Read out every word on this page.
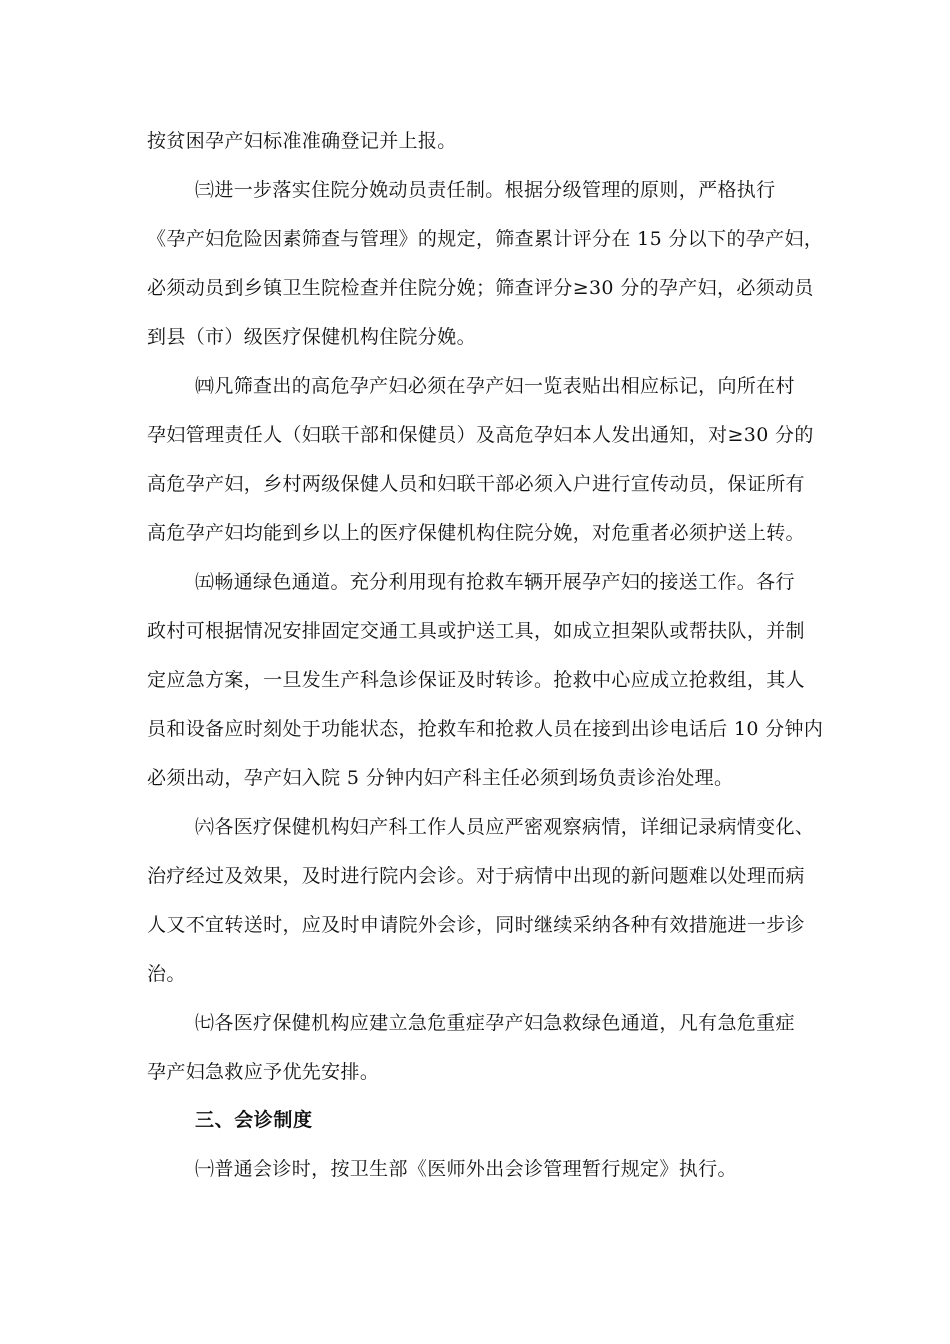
按贫困孕产妇标准准确登记并上报。
㈢进一步落实住院分娩动员责任制。根据分级管理的原则，严格执行
《孕产妇危险因素筛查与管理》的规定，筛查累计评分在 15 分以下的孕产妇，
必须动员到乡镇卫生院检查并住院分娩；筛查评分≥30 分的孕产妇，必须动员
到县（市）级医疗保健机构住院分娩。
㈣凡筛查出的高危孕产妇必须在孕产妇一览表贴出相应标记，向所在村
孕妇管理责任人（妇联干部和保健员）及高危孕妇本人发出通知，对≥30 分的
高危孕产妇，乡村两级保健人员和妇联干部必须入户进行宣传动员，保证所有
高危孕产妇均能到乡以上的医疗保健机构住院分娩，对危重者必须护送上转。
㈤畅通绿色通道。充分利用现有抢救车辆开展孕产妇的接送工作。各行
政村可根据情况安排固定交通工具或护送工具，如成立担架队或帮扶队，并制
定应急方案，一旦发生产科急诊保证及时转诊。抢救中心应成立抢救组，其人
员和设备应时刻处于功能状态，抢救车和抢救人员在接到出诊电话后 10 分钟内
必须出动，孕产妇入院 5 分钟内妇产科主任必须到场负责诊治处理。
㈥各医疗保健机构妇产科工作人员应严密观察病情，详细记录病情变化、
治疗经过及效果，及时进行院内会诊。对于病情中出现的新问题难以处理而病
人又不宜转送时，应及时申请院外会诊，同时继续采纳各种有效措施进一步诊
治。
㈦各医疗保健机构应建立急危重症孕产妇急救绿色通道，凡有急危重症
孕产妇急救应予优先安排。
三、会诊制度
㈠普通会诊时，按卫生部《医师外出会诊管理暂行规定》执行。
